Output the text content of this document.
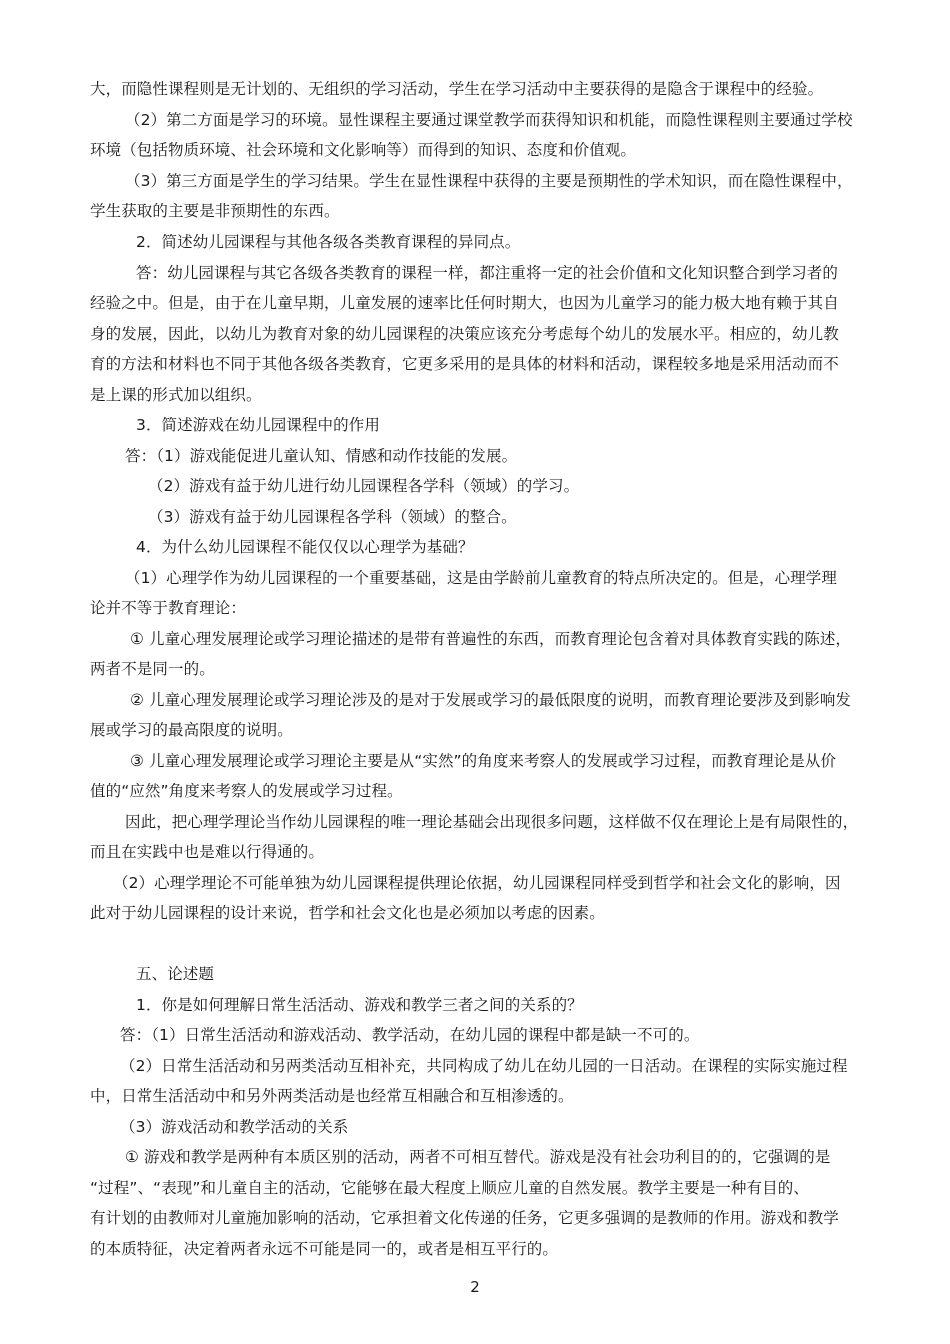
大，而隐性课程则是无计划的、无组织的学习活动，学生在学习活动中主要获得的是隐含于课程中的经验。
（2）第二方面是学习的环境。显性课程主要通过课堂教学而获得知识和机能，而隐性课程则主要通过学校
环境（包括物质环境、社会环境和文化影响等）而得到的知识、态度和价值观。
（3）第三方面是学生的学习结果。学生在显性课程中获得的主要是预期性的学术知识，而在隐性课程中，
学生获取的主要是非预期性的东西。
2．简述幼儿园课程与其他各级各类教育课程的异同点。
答：幼儿园课程与其它各级各类教育的课程一样，都注重将一定的社会价值和文化知识整合到学习者的
经验之中。但是，由于在儿童早期，儿童发展的速率比任何时期大，也因为儿童学习的能力极大地有赖于其自
身的发展，因此，以幼儿为教育对象的幼儿园课程的决策应该充分考虑每个幼儿的发展水平。相应的，幼儿教
育的方法和材料也不同于其他各级各类教育，它更多采用的是具体的材料和活动，课程较多地是采用活动而不
是上课的形式加以组织。
3．简述游戏在幼儿园课程中的作用
答：（1）游戏能促进儿童认知、情感和动作技能的发展。
（2）游戏有益于幼儿进行幼儿园课程各学科（领域）的学习。
（3）游戏有益于幼儿园课程各学科（领域）的整合。
4．为什么幼儿园课程不能仅仅以心理学为基础？
（1）心理学作为幼儿园课程的一个重要基础，这是由学龄前儿童教育的特点所决定的。但是，心理学理
论并不等于教育理论：
① 儿童心理发展理论或学习理论描述的是带有普遍性的东西，而教育理论包含着对具体教育实践的陈述，
两者不是同一的。
② 儿童心理发展理论或学习理论涉及的是对于发展或学习的最低限度的说明，而教育理论要涉及到影响发
展或学习的最高限度的说明。
③ 儿童心理发展理论或学习理论主要是从“实然”的角度来考察人的发展或学习过程，而教育理论是从价
值的“应然”角度来考察人的发展或学习过程。
因此，把心理学理论当作幼儿园课程的唯一理论基础会出现很多问题，这样做不仅在理论上是有局限性的，
而且在实践中也是难以行得通的。
（2）心理学理论不可能单独为幼儿园课程提供理论依据，幼儿园课程同样受到哲学和社会文化的影响，因
此对于幼儿园课程的设计来说，哲学和社会文化也是必须加以考虑的因素。
五、论述题
1．你是如何理解日常生活活动、游戏和教学三者之间的关系的？
答：（1）日常生活活动和游戏活动、教学活动，在幼儿园的课程中都是缺一不可的。
（2）日常生活活动和另两类活动互相补充，共同构成了幼儿在幼儿园的一日活动。在课程的实际实施过程
中，日常生活活动中和另外两类活动是也经常互相融合和互相渗透的。
（3）游戏活动和教学活动的关系
① 游戏和教学是两种有本质区别的活动，两者不可相互替代。游戏是没有社会功利目的的，它强调的是
“过程”、“表现”和儿童自主的活动，它能够在最大程度上顺应儿童的自然发展。教学主要是一种有目的、
有计划的由教师对儿童施加影响的活动，它承担着文化传递的任务，它更多强调的是教师的作用。游戏和教学
的本质特征，决定着两者永远不可能是同一的，或者是相互平行的。
2
